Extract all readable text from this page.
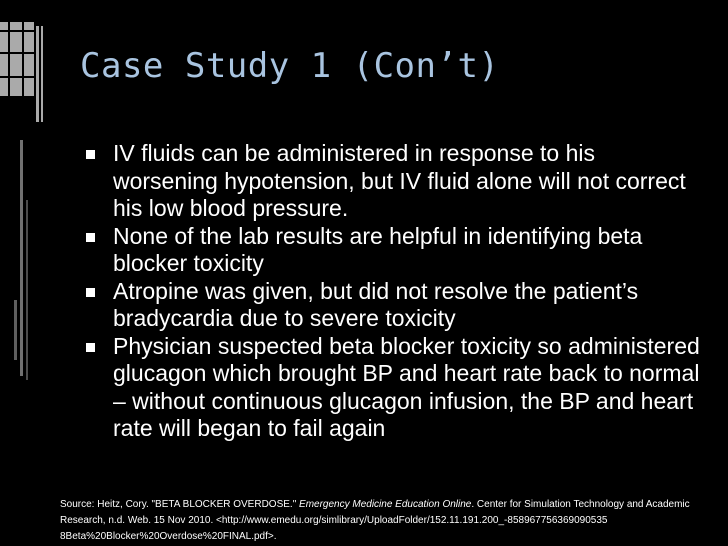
Case Study 1 (Con’t)
IV fluids can be administered in response to his worsening hypotension, but IV fluid alone will not correct his low blood pressure.
None of the lab results are helpful in identifying beta blocker toxicity
Atropine was given, but did not resolve the patient’s bradycardia due to severe toxicity
Physician suspected beta blocker toxicity so administered glucagon which brought BP and heart rate back to normal – without continuous glucagon infusion, the BP and heart rate will began to fail again
Source: Heitz, Cory. "BETA BLOCKER OVERDOSE." Emergency Medicine Education Online. Center for Simulation Technology and Academic Research, n.d. Web. 15 Nov 2010. <http://www.emedu.org/simlibrary/UploadFolder/152.11.191.200_-858967756369090535 8Beta%20Blocker%20Overdose%20FINAL.pdf>.
